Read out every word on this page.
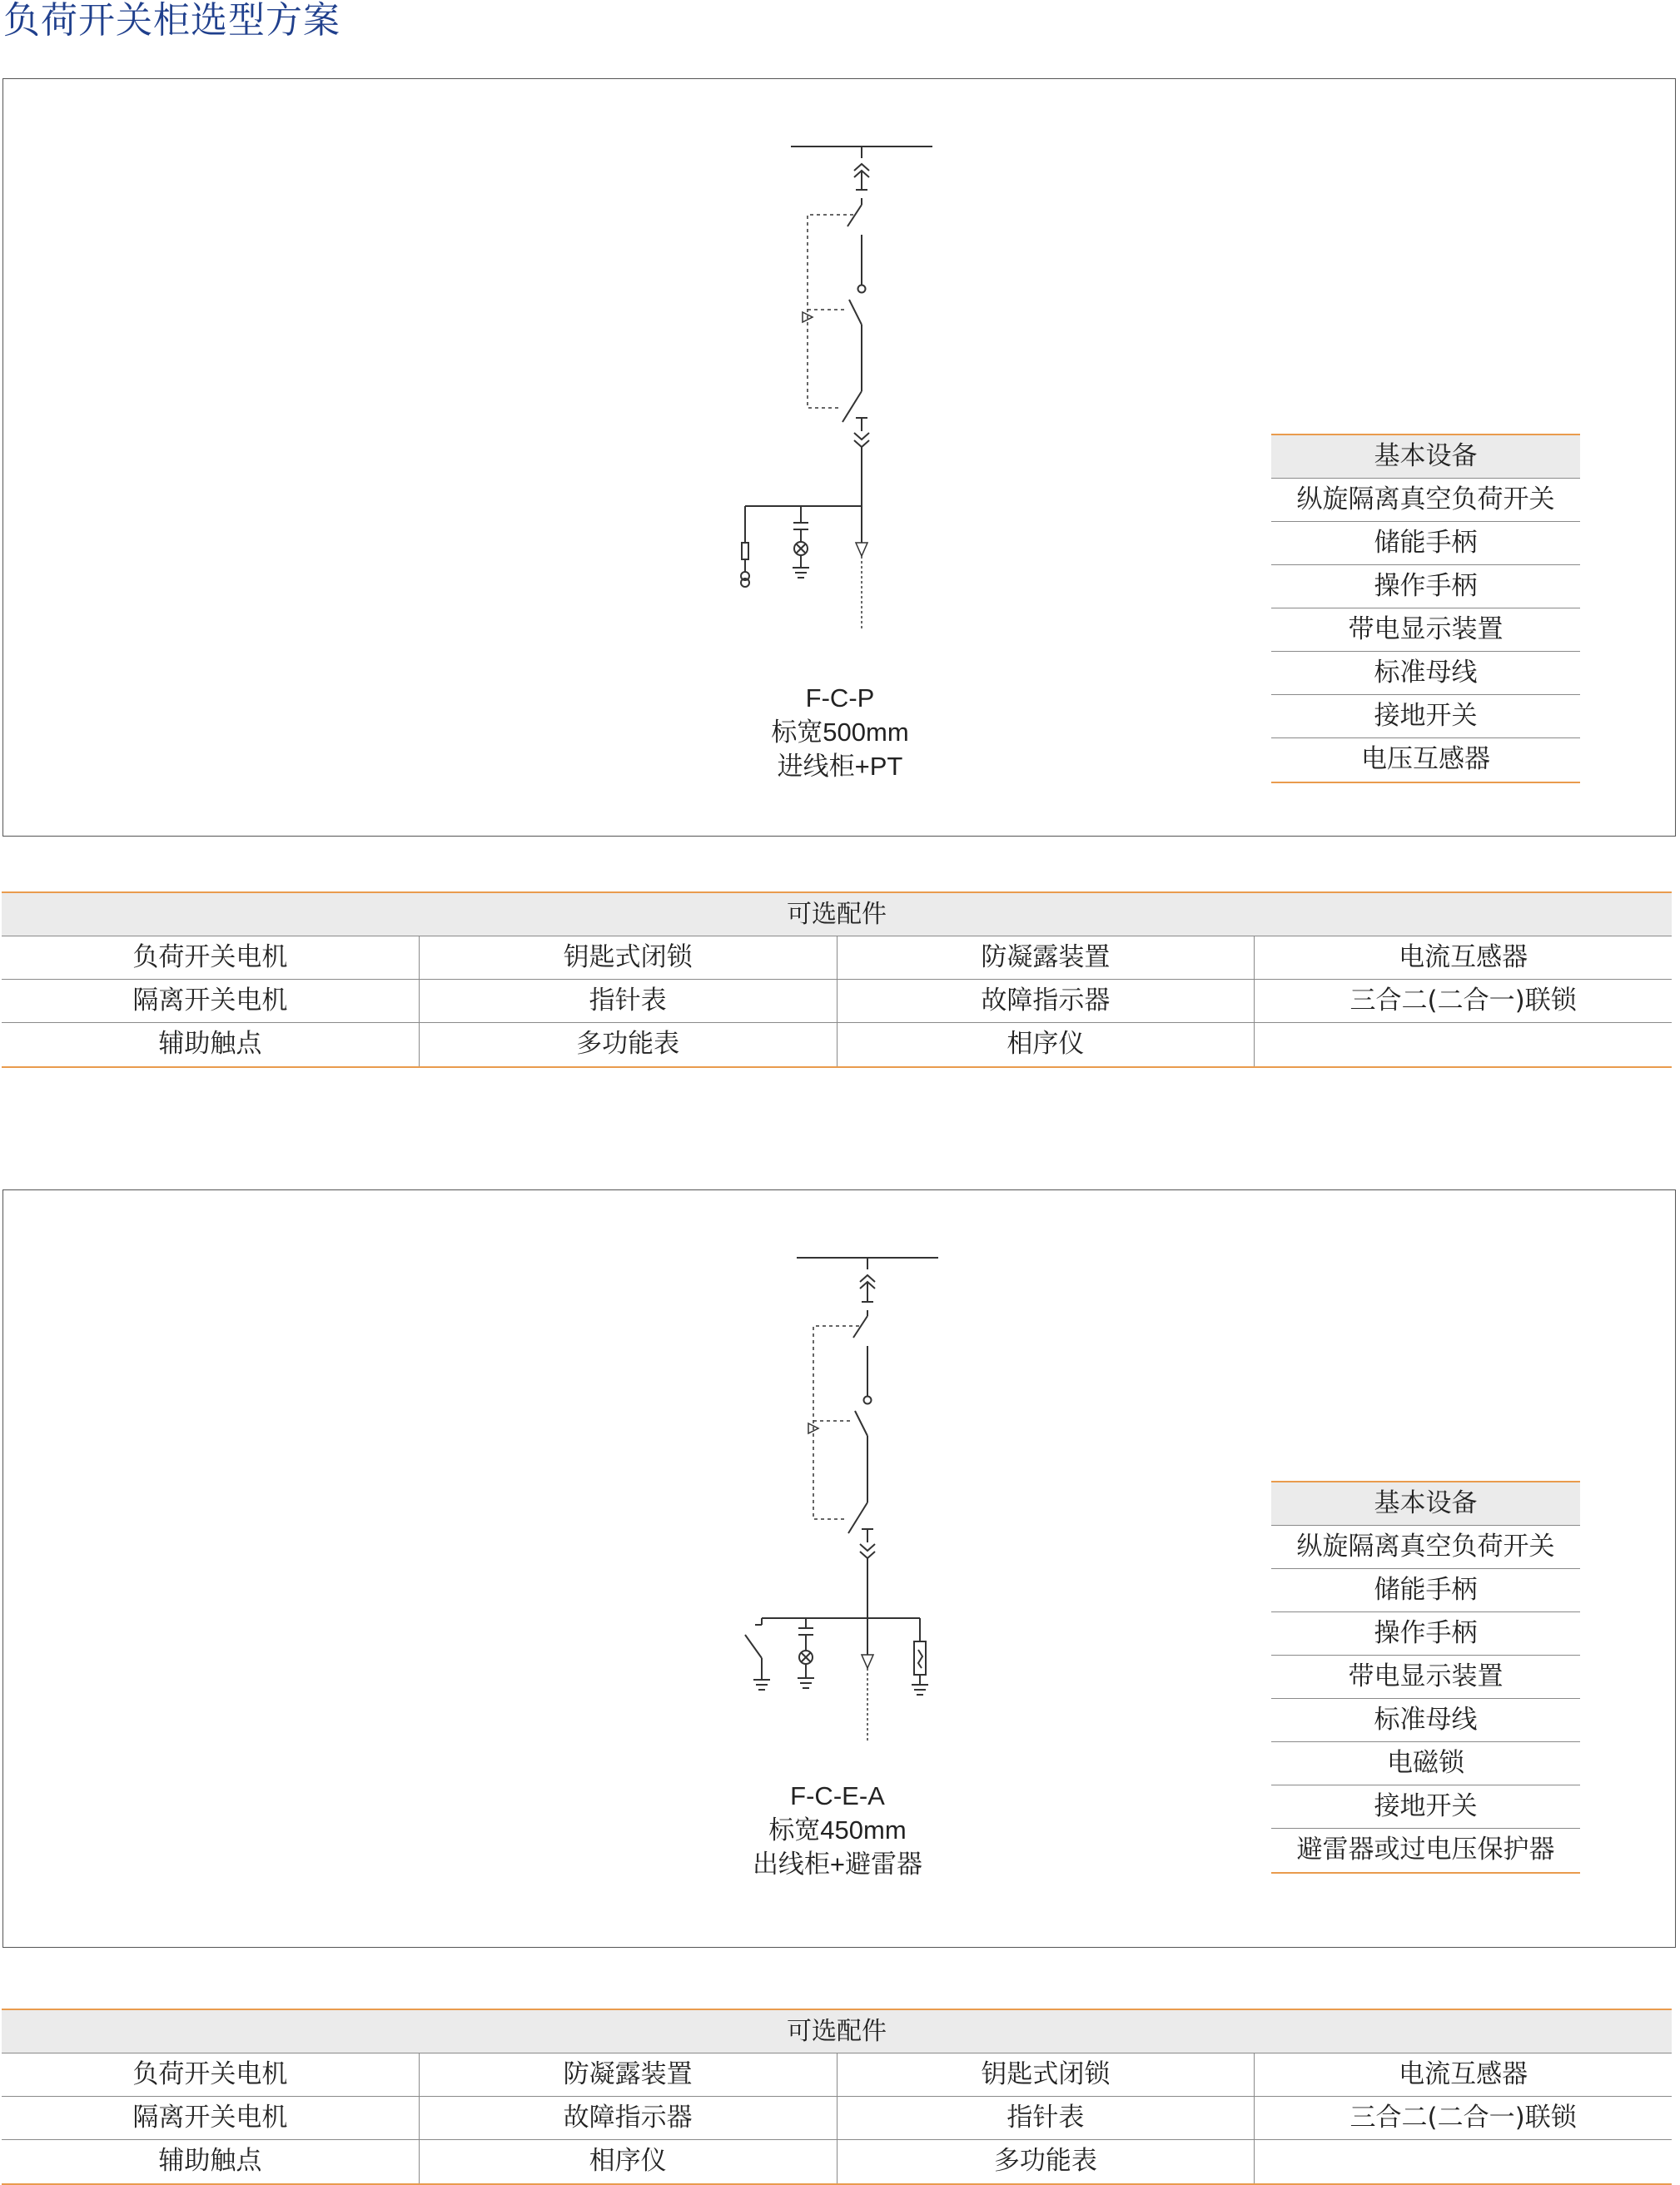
负荷开关柜选型方案
F-C-P
标宽500mm
进线柜+PT
基本设备
纵旋隔离真空负荷开关
储能手柄
操作手柄
带电显示装置
标准母线
接地开关
电压互感器
可选配件
负荷开关电机	钥匙式闭锁	防凝露装置	电流互感器
隔离开关电机	指针表	故障指示器	三合二(二合一)联锁
辅助触点	多功能表	相序仪
F-C-E-A
标宽450mm
出线柜+避雷器
基本设备
纵旋隔离真空负荷开关
储能手柄
操作手柄
带电显示装置
标准母线
电磁锁
接地开关
避雷器或过电压保护器
可选配件
负荷开关电机	防凝露装置	钥匙式闭锁	电流互感器
隔离开关电机	故障指示器	指针表	三合二(二合一)联锁
辅助触点	相序仪	多功能表
